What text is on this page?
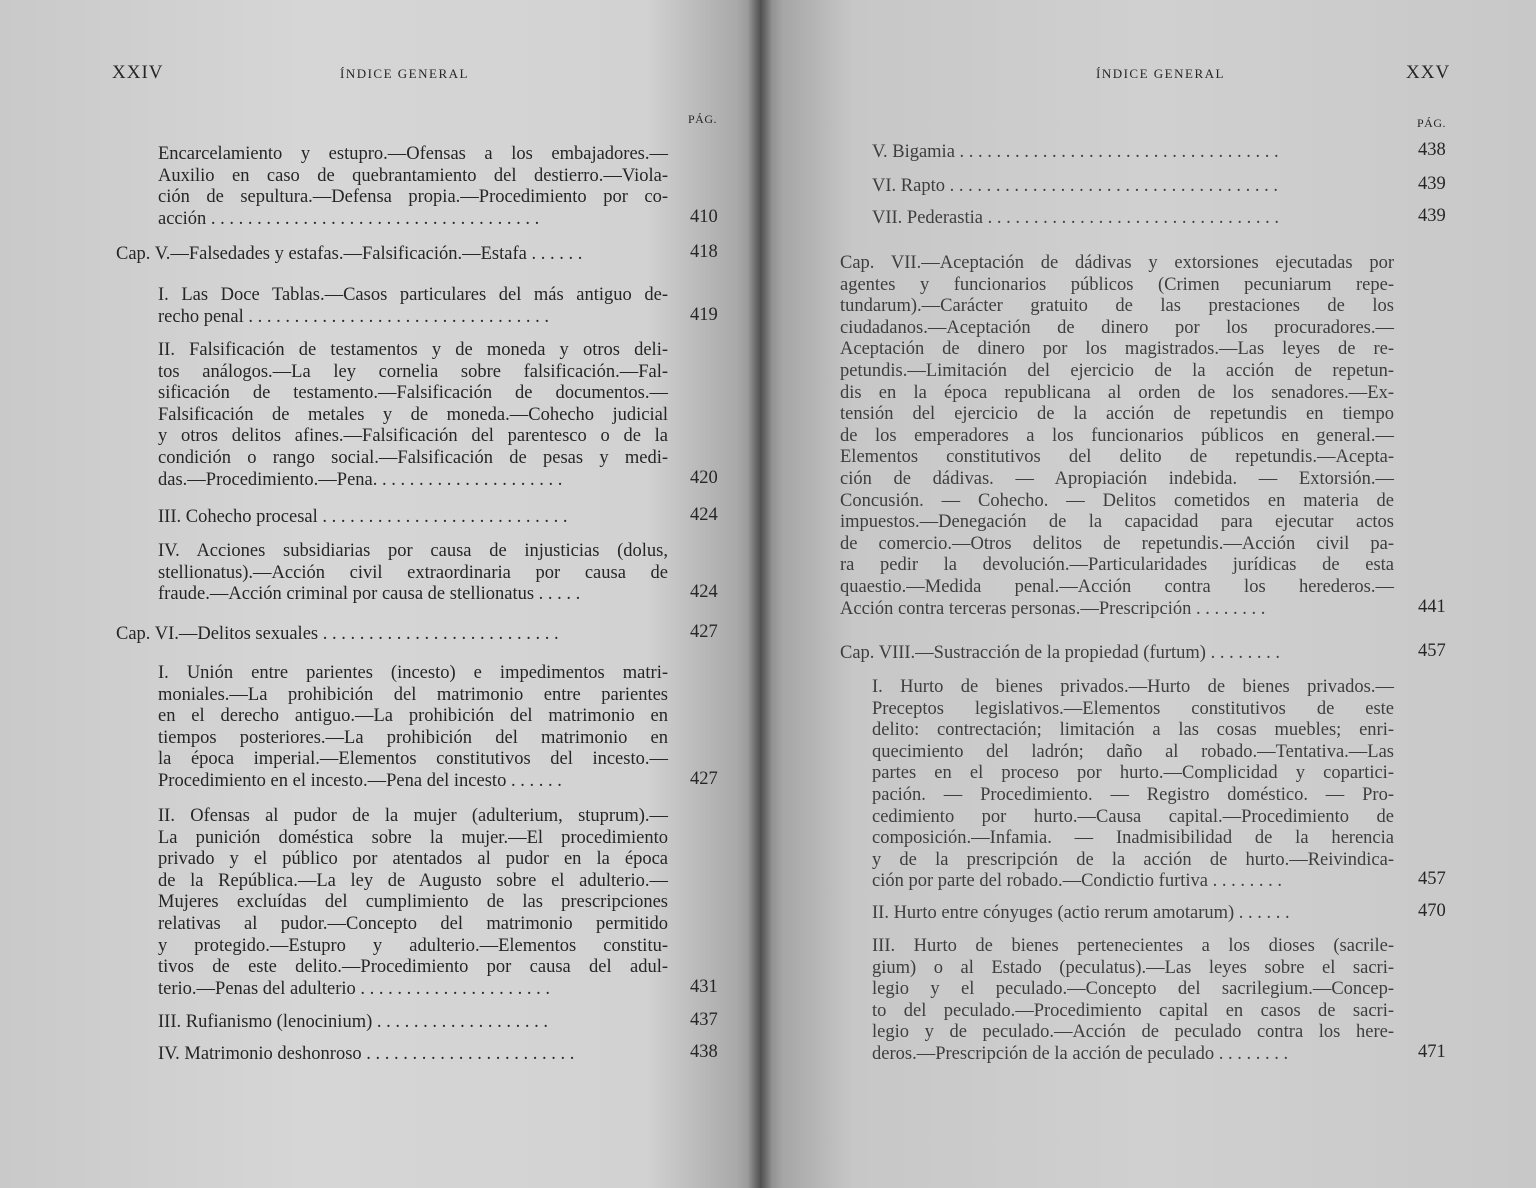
XXIV	ÍNDICE GENERAL
PÁG.
Encarcelamiento y estupro.—Ofensas a los embajadores.—
Auxilio en caso de quebrantamiento del destierro.—Viola-
ción de sepultura.—Defensa propia.—Procedimiento por co-
acción . . . . . . . . . . . . . . . . . . . . . . . . . . . . . . . . . . . .	410
Cap. V.—Falsedades y estafas.—Falsificación.—Estafa . . . . . .	418
I. Las Doce Tablas.—Casos particulares del más antiguo de-
recho penal . . . . . . . . . . . . . . . . . . . . . . . . . . . . . . . . .	419
II. Falsificación de testamentos y de moneda y otros deli-
tos análogos.—La ley cornelia sobre falsificación.—Fal-
sificación de testamento.—Falsificación de documentos.—
Falsificación de metales y de moneda.—Cohecho judicial
y otros delitos afines.—Falsificación del parentesco o de la
condición o rango social.—Falsificación de pesas y medi-
das.—Procedimiento.—Pena. . . . . . . . . . . . . . . . . . . . .	420
III. Cohecho procesal . . . . . . . . . . . . . . . . . . . . . . . . . . .	424
IV. Acciones subsidiarias por causa de injusticias (dolus,
stellionatus).—Acción civil extraordinaria por causa de
fraude.—Acción criminal por causa de stellionatus . . . . .	424
Cap. VI.—Delitos sexuales . . . . . . . . . . . . . . . . . . . . . . . . . .	427
I. Unión entre parientes (incesto) e impedimentos matri-
moniales.—La prohibición del matrimonio entre parientes
en el derecho antiguo.—La prohibición del matrimonio en
tiempos posteriores.—La prohibición del matrimonio en
la época imperial.—Elementos constitutivos del incesto.—
Procedimiento en el incesto.—Pena del incesto . . . . . .	427
II. Ofensas al pudor de la mujer (adulterium, stuprum).—
La punición doméstica sobre la mujer.—El procedimiento
privado y el público por atentados al pudor en la época
de la República.—La ley de Augusto sobre el adulterio.—
Mujeres excluídas del cumplimiento de las prescripciones
relativas al pudor.—Concepto del matrimonio permitido
y protegido.—Estupro y adulterio.—Elementos constitu-
tivos de este delito.—Procedimiento por causa del adul-
terio.—Penas del adulterio . . . . . . . . . . . . . . . . . . . . .	431
III. Rufianismo (lenocinium) . . . . . . . . . . . . . . . . . . .	437
IV. Matrimonio deshonroso . . . . . . . . . . . . . . . . . . . . . . .	438
ÍNDICE GENERAL	XXV
PÁG.
V. Bigamia . . . . . . . . . . . . . . . . . . . . . . . . . . . . . . . . . . .	438
VI. Rapto . . . . . . . . . . . . . . . . . . . . . . . . . . . . . . . . . . . .	439
VII. Pederastia . . . . . . . . . . . . . . . . . . . . . . . . . . . . . . . .	439
Cap. VII.—Aceptación de dádivas y extorsiones ejecutadas por
agentes y funcionarios públicos (Crimen pecuniarum repe-
tundarum).—Carácter gratuito de las prestaciones de los
ciudadanos.—Aceptación de dinero por los procuradores.—
Aceptación de dinero por los magistrados.—Las leyes de re-
petundis.—Limitación del ejercicio de la acción de repetun-
dis en la época republicana al orden de los senadores.—Ex-
tensión del ejercicio de la acción de repetundis en tiempo
de los emperadores a los funcionarios públicos en general.—
Elementos constitutivos del delito de repetundis.—Acepta-
ción de dádivas. — Apropiación indebida. — Extorsión.—
Concusión. — Cohecho. — Delitos cometidos en materia de
impuestos.—Denegación de la capacidad para ejecutar actos
de comercio.—Otros delitos de repetundis.—Acción civil pa-
ra pedir la devolución.—Particularidades jurídicas de esta
quaestio.—Medida penal.—Acción contra los herederos.—
Acción contra terceras personas.—Prescripción . . . . . . . .	441
Cap. VIII.—Sustracción de la propiedad (furtum) . . . . . . . .	457
I. Hurto de bienes privados.—Hurto de bienes privados.—
Preceptos legislativos.—Elementos constitutivos de este
delito: contrectación; limitación a las cosas muebles; enri-
quecimiento del ladrón; daño al robado.—Tentativa.—Las
partes en el proceso por hurto.—Complicidad y copartici-
pación. — Procedimiento. — Registro doméstico. — Pro-
cedimiento por hurto.—Causa capital.—Procedimiento de
composición.—Infamia. — Inadmisibilidad de la herencia
y de la prescripción de la acción de hurto.—Reivindica-
ción por parte del robado.—Condictio furtiva . . . . . . . .	457
II. Hurto entre cónyuges (actio rerum amotarum) . . . . . .	470
III. Hurto de bienes pertenecientes a los dioses (sacrile-
gium) o al Estado (peculatus).—Las leyes sobre el sacri-
legio y el peculado.—Concepto del sacrilegium.—Concep-
to del peculado.—Procedimiento capital en casos de sacri-
legio y de peculado.—Acción de peculado contra los here-
deros.—Prescripción de la acción de peculado . . . . . . . .	471
